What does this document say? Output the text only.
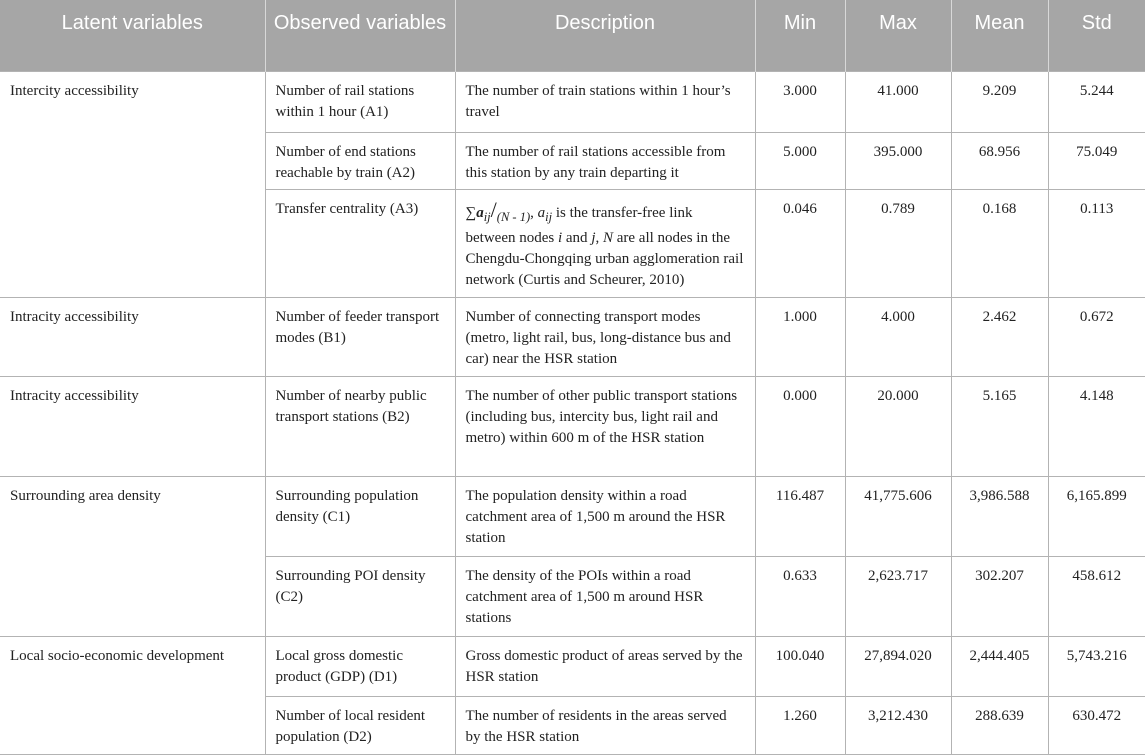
Latent variables	Observed variables	Description	Min	Max	Mean	Std
Intercity accessibility	Number of rail stations within 1 hour (A1)	The number of train stations within 1 hour’s travel	3.000	41.000	9.209	5.244
	Number of end stations reachable by train (A2)	The number of rail stations accessible from this station by any train departing it	5.000	395.000	68.956	75.049
	Transfer centrality (A3)	$\sum a_{ij}/_{(N - 1)}$, $a_{ij}$ is the transfer-free link between nodes i and j, N are all nodes in the Chengdu-Chongqing urban agglomeration rail network (Curtis and Scheurer, 2010)	0.046	0.789	0.168	0.113
Intracity accessibility	Number of feeder transport modes (B1)	Number of connecting transport modes (metro, light rail, bus, long-distance bus and car) near the HSR station	1.000	4.000	2.462	0.672
Intracity accessibility	Number of nearby public transport stations (B2)	The number of other public transport stations (including bus, intercity bus, light rail and metro) within 600 m of the HSR station	0.000	20.000	5.165	4.148
Surrounding area density	Surrounding population density (C1)	The population density within a road catchment area of 1,500 m around the HSR station	116.487	41,775.606	3,986.588	6,165.899
	Surrounding POI density (C2)	The density of the POIs within a road catchment area of 1,500 m around HSR stations	0.633	2,623.717	302.207	458.612
Local socio-economic development	Local gross domestic product (GDP) (D1)	Gross domestic product of areas served by the HSR station	100.040	27,894.020	2,444.405	5,743.216
	Number of local resident population (D2)	The number of residents in the areas served by the HSR station	1.260	3,212.430	288.639	630.472
